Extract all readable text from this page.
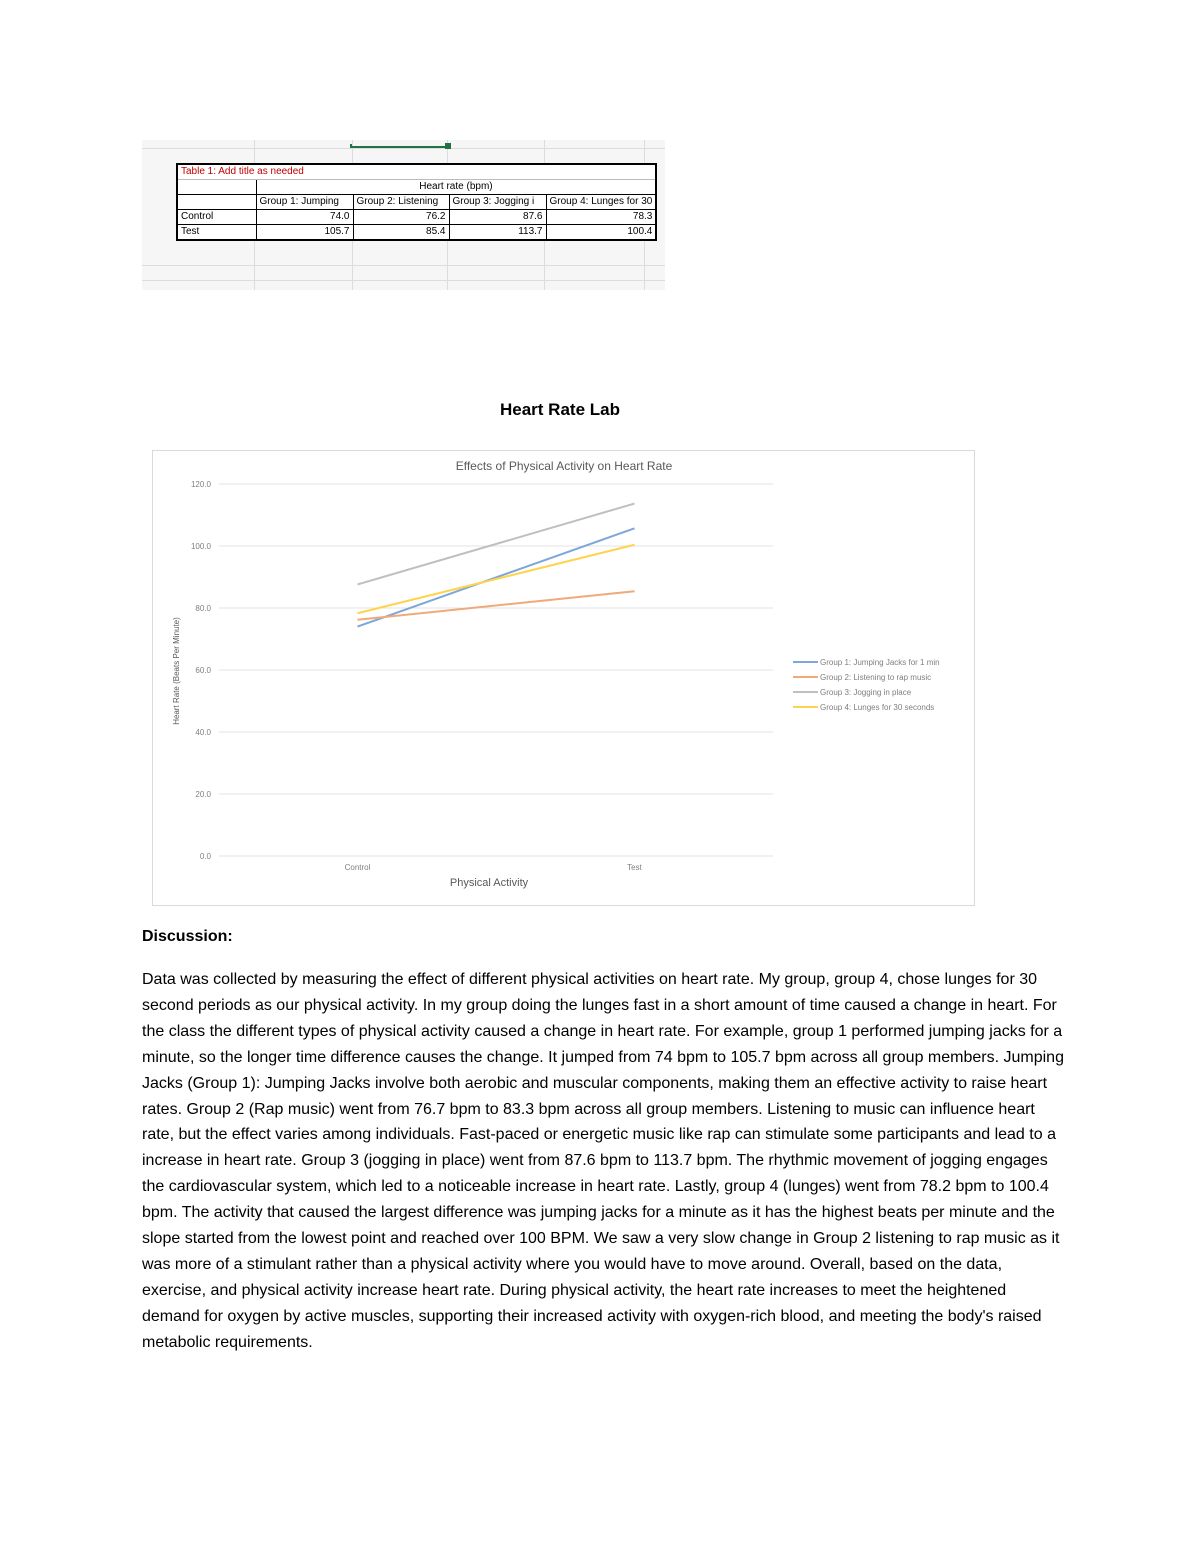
Table 1: Add title as needed				
	Heart rate (bpm)			
	Group 1: Jumping	Group 2: Listening	Group 3: Jogging i	Group 4: Lunges for 30
Control	74.0	76.2	87.6	78.3
Test	105.7	85.4	113.7	100.4
Heart Rate Lab
Effects of Physical Activity on Heart Rate
0.0
20.0
40.0
60.0
80.0
100.0
120.0
Control	Test
Group 1: Jumping Jacks for 1 min
Group 2: Listening to rap music
Group 3: Jogging in place
Group 4: Lunges for 30 seconds
Physical Activity
Heart Rate (Beats Per Minute)
Discussion:
Data was collected by measuring the effect of different physical activities on heart rate. My group, group 4, chose lunges for 30 second periods as our physical activity. In my group doing the lunges fast in a short amount of time caused a change in heart. For the class the different types of physical activity caused a change in heart rate. For example, group 1 performed jumping jacks for a minute, so the longer time difference causes the change. It jumped from 74 bpm to 105.7 bpm across all group members. Jumping Jacks (Group 1): Jumping Jacks involve both aerobic and muscular components, making them an effective activity to raise heart rates. Group 2 (Rap music) went from 76.7 bpm to 83.3 bpm across all group members. Listening to music can influence heart rate, but the effect varies among individuals. Fast-paced or energetic music like rap can stimulate some participants and lead to a increase in heart rate. Group 3 (jogging in place) went from 87.6 bpm to 113.7 bpm. The rhythmic movement of jogging engages the cardiovascular system, which led to a noticeable increase in heart rate. Lastly, group 4 (lunges) went from 78.2 bpm to 100.4 bpm. The activity that caused the largest difference was jumping jacks for a minute as it has the highest beats per minute and the slope started from the lowest point and reached over 100 BPM. We saw a very slow change in Group 2 listening to rap music as it was more of a stimulant rather than a physical activity where you would have to move around. Overall, based on the data, exercise, and physical activity increase heart rate. During physical activity, the heart rate increases to meet the heightened demand for oxygen by active muscles, supporting their increased activity with oxygen-rich blood, and meeting the body's raised metabolic requirements.
